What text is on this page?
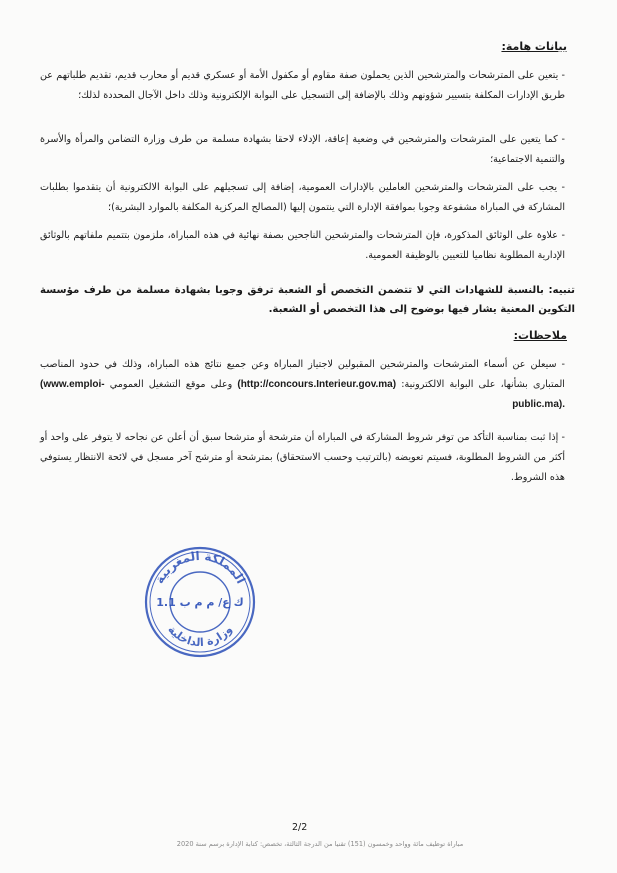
بيانات هامة:
- يتعين على المترشحات والمترشحين الذين يحملون صفة مقاوم أو مكفول الأمة أو عسكري قديم أو محارب قديم، تقديم طلباتهم عن طريق الإدارات المكلفة بتسيير شؤونهم وذلك بالإضافة إلى التسجيل على البوابة الإلكترونية وذلك داخل الآجال المحددة لذلك؛
- كما يتعين على المترشحات والمترشحين في وضعية إعاقة، الإدلاء لاحقا بشهادة مسلمة من طرف وزارة التضامن والمرأة والأسرة والتنمية الاجتماعية؛
- يجب على المترشحات والمترشحين العاملين بالإدارات العمومية، إضافة إلى تسجيلهم على البوابة الالكترونية أن يتقدموا بطلبات المشاركة في المباراة مشفوعة وجوبا بموافقة الإدارة التي ينتمون إليها (المصالح المركزية المكلفة بالموارد البشرية)؛
- علاوة على الوثائق المذكورة، فإن المترشحات والمترشحين الناجحين بصفة نهائية في هذه المباراة، ملزمون بتتميم ملفاتهم بالوثائق الإدارية المطلوبة نظاميا للتعيين بالوظيفة العمومية.
تنبيه: بالنسبة للشهادات التي لا تتضمن التخصص أو الشعبة ترفق وجوبا بشهادة مسلمة من طرف مؤسسة التكوين المعنية يشار فيها بوضوح إلى هذا التخصص أو الشعبة.
ملاحظات:
- سيعلن عن أسماء المترشحات والمترشحين المقبولين لاجتياز المباراة وعن جميع نتائج هذه المباراة، وذلك في حدود المناصب المتبارى بشأنها، على البوابة الالكترونية: (http://concours.Interieur.gov.ma) وعلى موقع التشغيل العمومي (www.emploi-public.ma).
- إذا ثبت بمناسبة التأكد من توفر شروط المشاركة في المباراة أن مترشحة أو مترشحا سبق أن أعلن عن نجاحه لا يتوفر على واحد أو أكثر من الشروط المطلوبة، فسيتم تعويضه (بالترتيب وحسب الاستحقاق) بمترشحة أو مترشح آخر مسجل في لائحة الانتظار يستوفي هذه الشروط.
المملكة المغربية
وزارة الداخلية
ك ع/ م م ب 1.1
2/2
مباراة توظيف مائة وواحد وخمسون (151) تقنيا من الدرجة الثالثة، تخصص: كتابة الإدارة برسم سنة 2020
